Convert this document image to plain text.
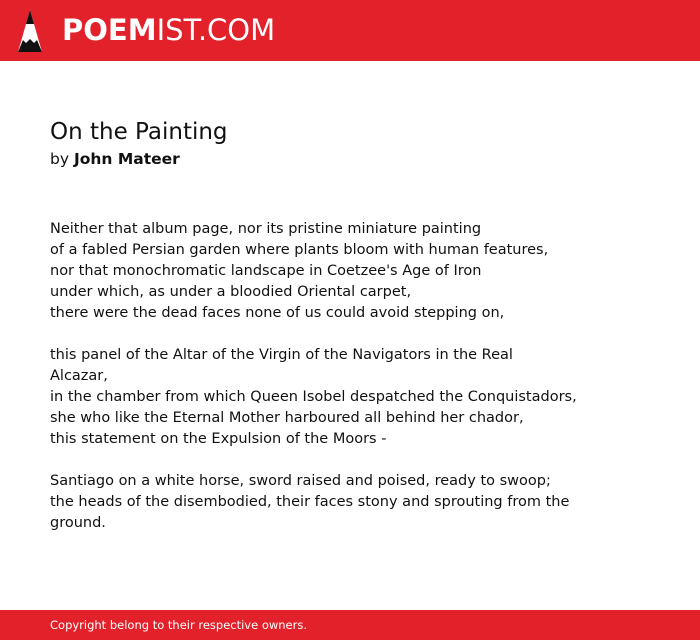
POEMIST.COM
On the Painting
by John Mateer
Neither that album page, nor its pristine miniature painting
of a fabled Persian garden where plants bloom with human features,
nor that monochromatic landscape in Coetzee's Age of Iron
under which, as under a bloodied Oriental carpet,
there were the dead faces none of us could avoid stepping on,
this panel of the Altar of the Virgin of the Navigators in the Real
Alcazar,
in the chamber from which Queen Isobel despatched the Conquistadors,
she who like the Eternal Mother harboured all behind her chador,
this statement on the Expulsion of the Moors -
Santiago on a white horse, sword raised and poised, ready to swoop;
the heads of the disembodied, their faces stony and sprouting from the
ground.
Copyright belong to their respective owners.
